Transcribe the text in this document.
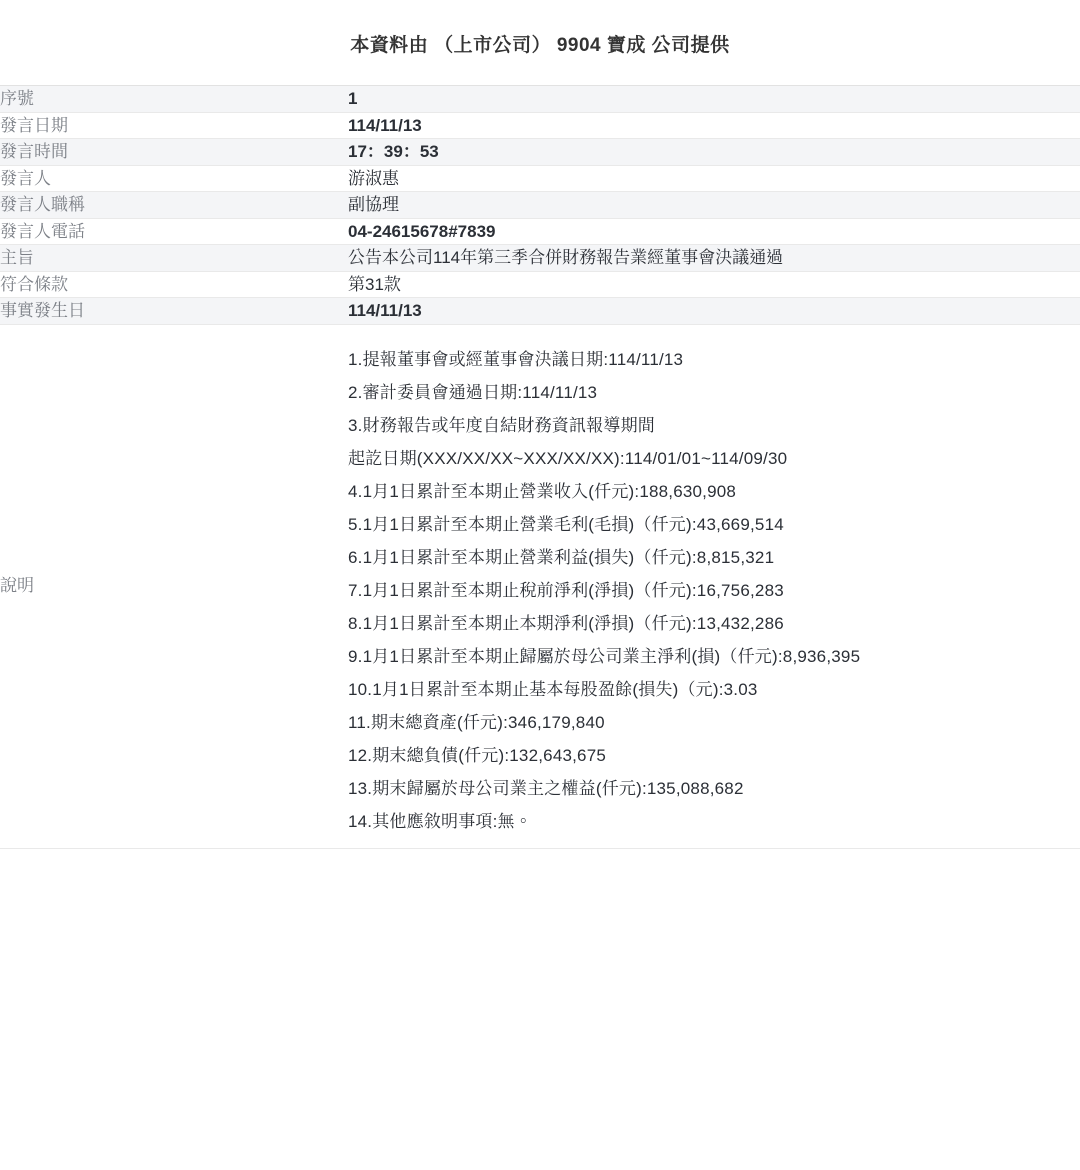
本資料由 （上市公司） 9904 寶成 公司提供
序號	1
發言日期	114/11/13
發言時間	17：39：53
發言人	游淑惠
發言人職稱	副協理
發言人電話	04-24615678#7839
主旨	公告本公司114年第三季合併財務報告業經董事會決議通過
符合條款	第31款
事實發生日	114/11/13
說明	
1.提報董事會或經董事會決議日期:114/11/13
2.審計委員會通過日期:114/11/13
3.財務報告或年度自結財務資訊報導期間
起訖日期(XXX/XX/XX~XXX/XX/XX):114/01/01~114/09/30
4.1月1日累計至本期止營業收入(仟元):188,630,908
5.1月1日累計至本期止營業毛利(毛損)（仟元):43,669,514
6.1月1日累計至本期止營業利益(損失)（仟元):8,815,321
7.1月1日累計至本期止稅前淨利(淨損)（仟元):16,756,283
8.1月1日累計至本期止本期淨利(淨損)（仟元):13,432,286
9.1月1日累計至本期止歸屬於母公司業主淨利(損)（仟元):8,936,395
10.1月1日累計至本期止基本每股盈餘(損失)（元):3.03
11.期末總資產(仟元):346,179,840
12.期末總負債(仟元):132,643,675
13.期末歸屬於母公司業主之權益(仟元):135,088,682
14.其他應敘明事項:無。
